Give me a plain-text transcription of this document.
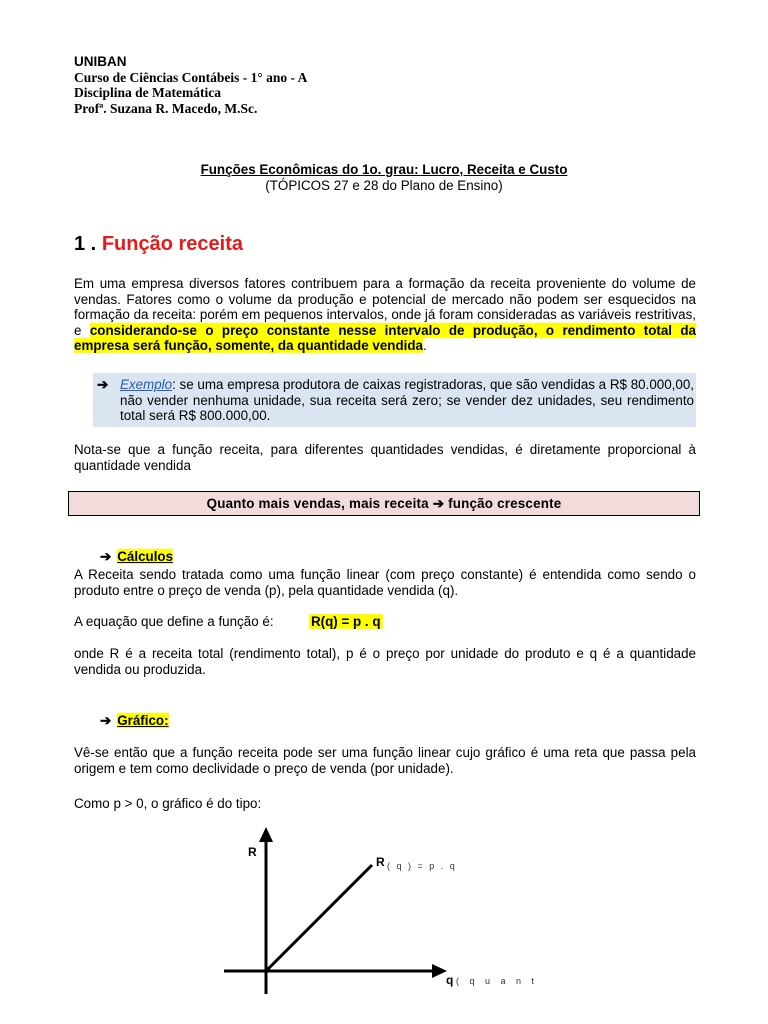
UNIBAN
Curso de Ciências Contábeis - 1° ano - A
Disciplina de Matemática
Profª. Suzana R. Macedo, M.Sc.
Funções Econômicas do 1o. grau: Lucro, Receita e Custo
(TÓPICOS 27 e 28 do Plano de Ensino)
1 . Função receita

Em uma empresa diversos fatores contribuem para a formação da receita proveniente do volume de vendas. Fatores como o volume da produção e potencial de mercado não podem ser esquecidos na formação da receita: porém em pequenos intervalos, onde já foram consideradas as variáveis restritivas, e considerando-se o preço constante nesse intervalo de produção, o rendimento total da empresa será função, somente, da quantidade vendida.

➔ Exemplo: se uma empresa produtora de caixas registradoras, que são vendidas a R$ 80.000,00, não vender nenhuma unidade, sua receita será zero; se vender dez unidades, seu rendimento total será R$ 800.000,00.

Nota-se que a função receita, para diferentes quantidades vendidas, é diretamente proporcional à quantidade vendida

Quanto mais vendas, mais receita ➔ função crescente
➔ Cálculos

A Receita sendo tratada como uma função linear (com preço constante) é entendida como sendo o produto entre o preço de venda (p), pela quantidade vendida (q).

A equação que define a função é:	R(q) = p . q

onde R é a receita total (rendimento total), p é o preço por unidade do produto e q é a quantidade vendida ou produzida.

➔ Gráfico:

Vê-se então que a função receita pode ser uma função linear cujo gráfico é uma reta que passa pela origem e tem como declividade o preço de venda (por unidade).

Como p > 0, o gráfico é do tipo:

R
R ( q ) = p . q
q ( q u a n t
